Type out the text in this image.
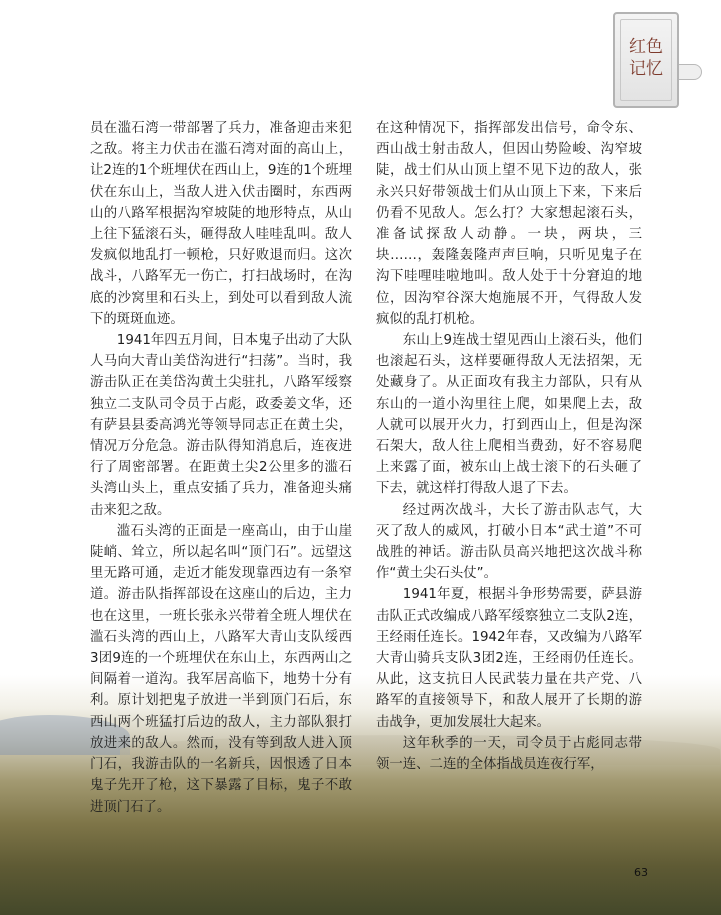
红色
记忆

员在滥石湾一带部署了兵力，准备迎击来犯之敌。将主力伏击在滥石湾对面的高山上，让2连的1个班埋伏在西山上，9连的1个班埋伏在东山上，当敌人进入伏击圈时，东西两山的八路军根据沟窄坡陡的地形特点，从山上往下猛滚石头，砸得敌人哇哇乱叫。敌人发疯似地乱打一顿枪，只好败退而归。这次战斗，八路军无一伤亡，打扫战场时，在沟底的沙窝里和石头上，到处可以看到敌人流下的斑斑血迹。

1941年四五月间，日本鬼子出动了大队人马向大青山美岱沟进行“扫荡”。当时，我游击队正在美岱沟黄土尖驻扎，八路军绥察独立二支队司令员于占彪，政委姜文华，还有萨县县委高鸿光等领导同志正在黄土尖，情况万分危急。游击队得知消息后，连夜进行了周密部署。在距黄土尖2公里多的滥石头湾山头上，重点安插了兵力，准备迎头痛击来犯之敌。

滥石头湾的正面是一座高山，由于山崖陡峭、耸立，所以起名叫“顶门石”。远望这里无路可通，走近才能发现靠西边有一条窄道。游击队指挥部设在这座山的后边，主力也在这里，一班长张永兴带着全班人埋伏在滥石头湾的西山上，八路军大青山支队绥西3团9连的一个班埋伏在东山上，东西两山之间隔着一道沟。我军居高临下，地势十分有利。原计划把鬼子放进一半到顶门石后，东西山两个班猛打后边的敌人，主力部队狠打放进来的敌人。然而，没有等到敌人进入顶门石，我游击队的一名新兵，因恨透了日本鬼子先开了枪，这下暴露了目标，鬼子不敢进顶门石了。

在这种情况下，指挥部发出信号，命令东、西山战士射击敌人，但因山势险峻、沟窄坡陡，战士们从山顶上望不见下边的敌人，张永兴只好带领战士们从山顶上下来，下来后仍看不见敌人。怎么打？大家想起滚石头，准备试探敌人动静。一块，两块，三块……，轰隆轰隆声声巨响，只听见鬼子在沟下哇哩哇啦地叫。敌人处于十分窘迫的地位，因沟窄谷深大炮施展不开，气得敌人发疯似的乱打机枪。

东山上9连战士望见西山上滚石头，他们也滚起石头，这样要砸得敌人无法招架，无处藏身了。从正面攻有我主力部队，只有从东山的一道小沟里往上爬，如果爬上去，敌人就可以展开火力，打到西山上，但是沟深石架大，敌人往上爬相当费劲，好不容易爬上来露了面，被东山上战士滚下的石头砸了下去，就这样打得敌人退了下去。

经过两次战斗，大长了游击队志气，大灭了敌人的威风，打破小日本“武士道”不可战胜的神话。游击队员高兴地把这次战斗称作“黄土尖石头仗”。

1941年夏，根据斗争形势需要，萨县游击队正式改编成八路军绥察独立二支队2连，王经雨任连长。1942年春，又改编为八路军大青山骑兵支队3团2连，王经雨仍任连长。从此，这支抗日人民武装力量在共产党、八路军的直接领导下，和敌人展开了长期的游击战争，更加发展壮大起来。

这年秋季的一天，司令员于占彪同志带领一连、二连的全体指战员连夜行军，

63
